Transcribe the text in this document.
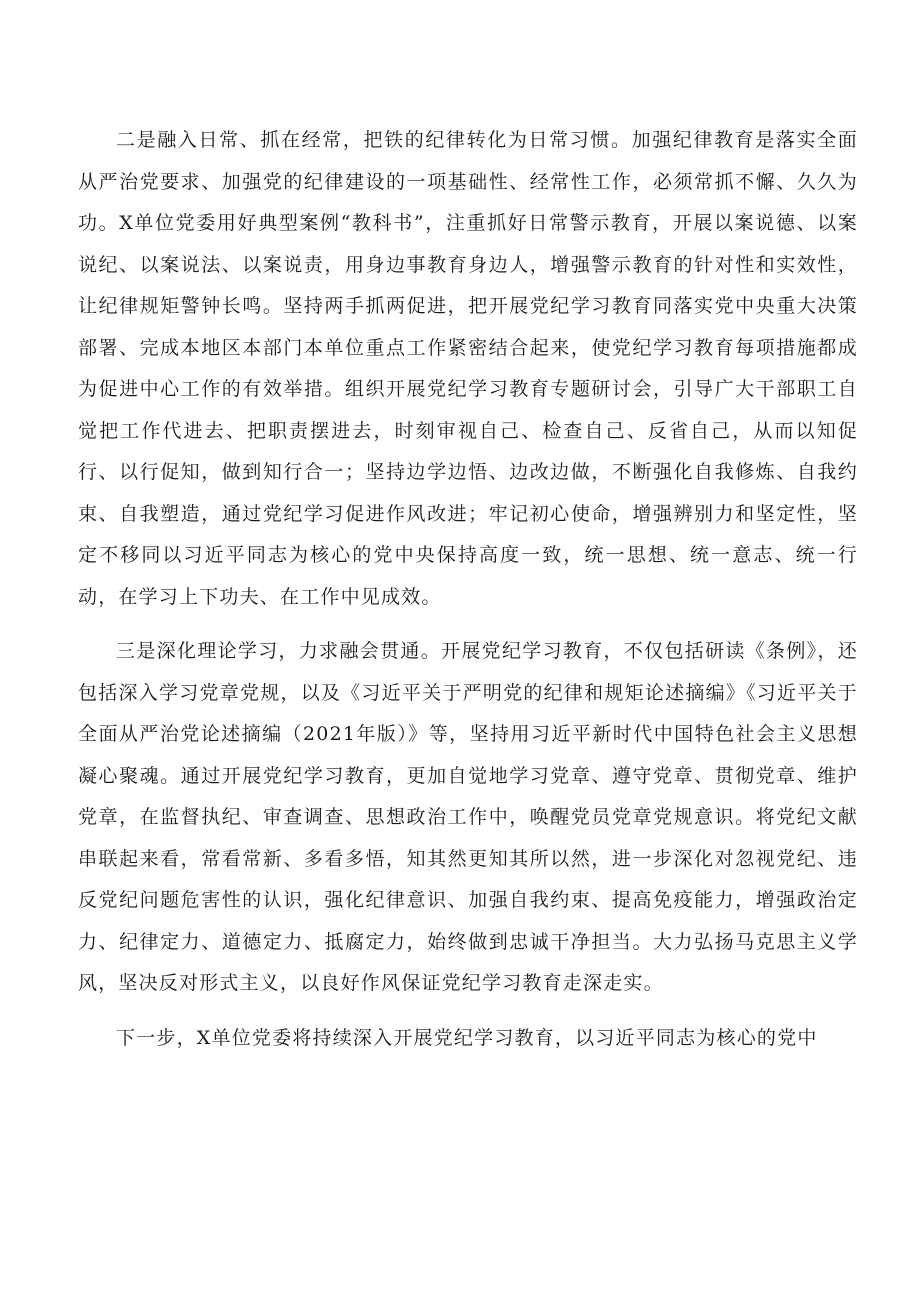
二是融入日常、抓在经常，把铁的纪律转化为日常习惯。加强纪律教育是落实全面从严治党要求、加强党的纪律建设的一项基础性、经常性工作，必须常抓不懈、久久为功。X单位党委用好典型案例“教科书”，注重抓好日常警示教育，开展以案说德、以案说纪、以案说法、以案说责，用身边事教育身边人，增强警示教育的针对性和实效性，让纪律规矩警钟长鸣。坚持两手抓两促进，把开展党纪学习教育同落实党中央重大决策部署、完成本地区本部门本单位重点工作紧密结合起来，使党纪学习教育每项措施都成为促进中心工作的有效举措。组织开展党纪学习教育专题研讨会，引导广大干部职工自觉把工作代进去、把职责摆进去，时刻审视自己、检查自己、反省自己，从而以知促行、以行促知，做到知行合一；坚持边学边悟、边改边做，不断强化自我修炼、自我约束、自我塑造，通过党纪学习促进作风改进；牢记初心使命，增强辨别力和坚定性，坚定不移同以习近平同志为核心的党中央保持高度一致，统一思想、统一意志、统一行动，在学习上下功夫、在工作中见成效。

三是深化理论学习，力求融会贯通。开展党纪学习教育，不仅包括研读《条例》，还包括深入学习党章党规，以及《习近平关于严明党的纪律和规矩论述摘编》《习近平关于全面从严治党论述摘编（2021年版）》等，坚持用习近平新时代中国特色社会主义思想凝心聚魂。通过开展党纪学习教育，更加自觉地学习党章、遵守党章、贯彻党章、维护党章，在监督执纪、审查调查、思想政治工作中，唤醒党员党章党规意识。将党纪文献串联起来看，常看常新、多看多悟，知其然更知其所以然，进一步深化对忽视党纪、违反党纪问题危害性的认识，强化纪律意识、加强自我约束、提高免疫能力，增强政治定力、纪律定力、道德定力、抵腐定力，始终做到忠诚干净担当。大力弘扬马克思主义学风，坚决反对形式主义，以良好作风保证党纪学习教育走深走实。

下一步，X单位党委将持续深入开展党纪学习教育，以习近平同志为核心的党中
